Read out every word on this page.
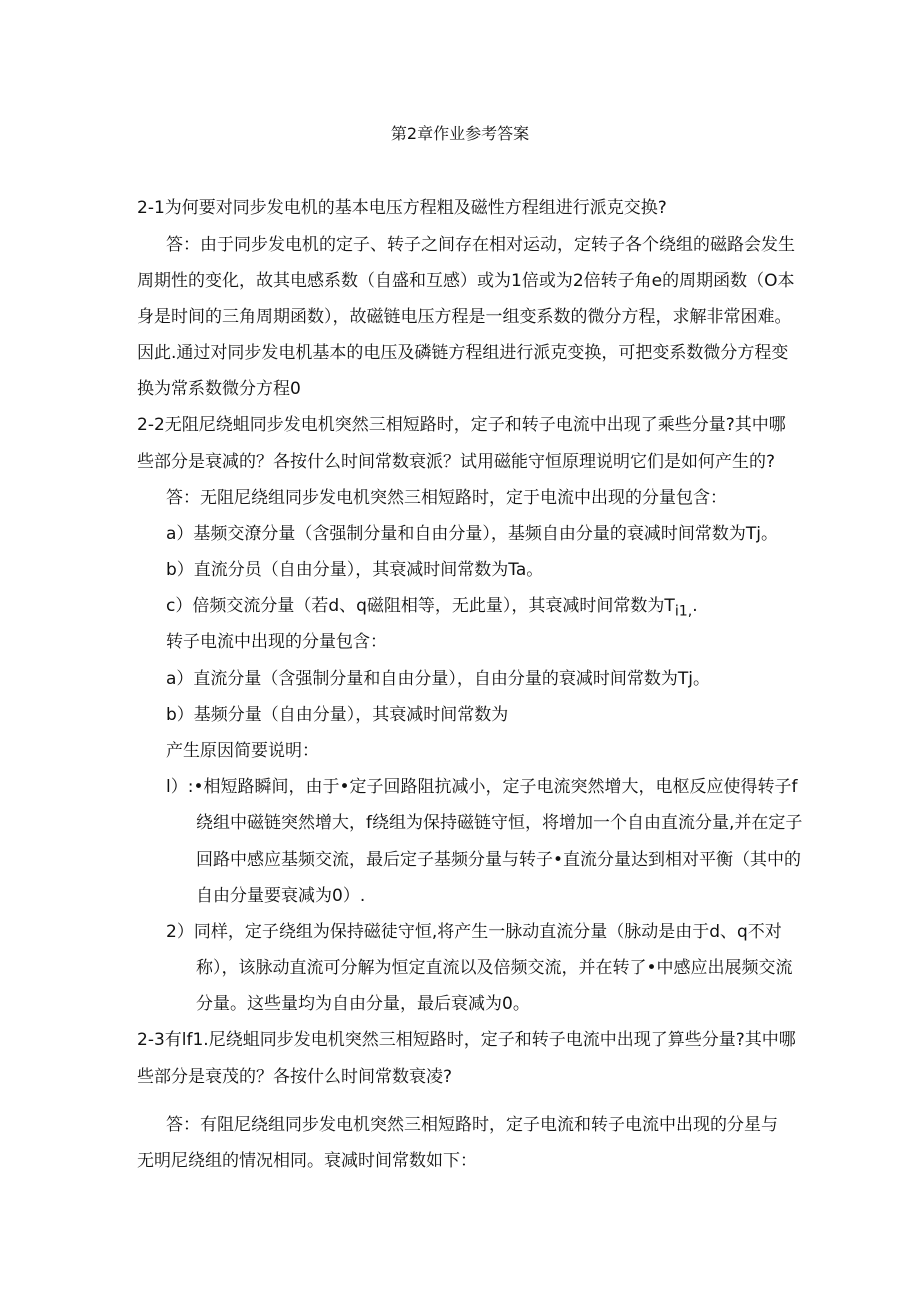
第2章作业参考答案
2-1为何要对同步发电机的基本电压方程粗及磁性方程组进行派克交换?
答：由于同步发电机的定子、转子之间存在相对运动，定转子各个绕组的磁路会发生
周期性的变化，故其电感系数（自盛和互感）或为1倍或为2倍转子角e的周期函数（O本
身是时间的三角周期函数），故磁链电压方程是一组变系数的微分方程，求解非常困难。
因此.通过对同步发电机基本的电压及磷链方程组进行派克变换，可把变系数微分方程变
换为常系数微分方程0
2-2无阻尼绕蛆同步发电机突然三相短路时，定子和转子电流中出现了乘些分量?其中哪
些部分是衰减的？各按什么时间常数衰派？试用磁能守恒原理说明它们是如何产生的?
答：无阻尼绕组同步发电机突然三相短路时，定于电流中出现的分量包含：
a）基频交潦分量（含强制分量和自由分量），基频自由分量的衰减时间常数为Tj。
b）直流分员（自由分量），其衰减时间常数为Ta。
c）倍频交流分量（若d、q磁阻相等，无此量），其衰减时间常数为$T_{i1,}$.
转子电流中出现的分量包含：
a）直流分量（含强制分量和自由分量），自由分量的衰减时间常数为Tj。
b）基频分量（自由分量），其衰减时间常数为
产生原因简要说明：
l）:•相短路瞬间，由于•定子回路阻抗减小，定子电流突然增大，电枢反应使得转子f
绕组中磁链突然增大，f绕组为保持磁链守恒，将增加一个自由直流分量,并在定子
回路中感应基频交流，最后定子基频分量与转子•直流分量达到相对平衡（其中的
自由分量要衰减为0）.
2）同样，定子绕组为保持磁徒守恒,将产生一脉动直流分量（脉动是由于d、q不对
称），该脉动直流可分解为恒定直流以及倍频交流，并在转了•中感应出展频交流
分量。这些量均为自由分量，最后衰减为0。
2-3有lf1.尼绕蛆同步发电机突然三相短路时，定子和转子电流中出现了算些分量?其中哪
些部分是衰茂的？各按什么时间常数衰凌?
答：有阻尼绕组同步发电机突然三相短路时，定子电流和转子电流中出现的分星与
无明尼绕组的情况相同。衰减时间常数如下：
